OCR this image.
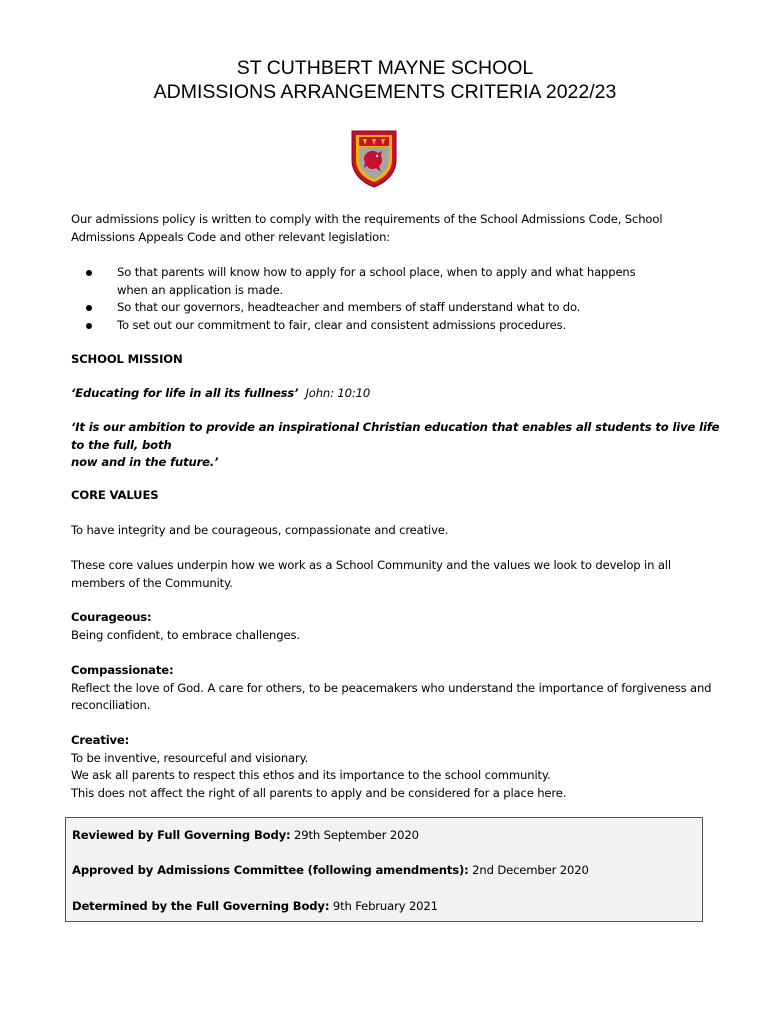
ST CUTHBERT MAYNE SCHOOL
ADMISSIONS ARRANGEMENTS CRITERIA 2022/23
Our admissions policy is written to comply with the requirements of the School Admissions Code, School
Admissions Appeals Code and other relevant legislation:
So that parents will know how to apply for a school place, when to apply and what happens
when an application is made.
So that our governors, headteacher and members of staff understand what to do.
To set out our commitment to fair, clear and consistent admissions procedures.
SCHOOL MISSION
‘Educating for life in all its fullness’ John: 10:10
‘It is our ambition to provide an inspirational Christian education that enables all students to live life to the full, both
now and in the future.’
CORE VALUES
To have integrity and be courageous, compassionate and creative.
These core values underpin how we work as a School Community and the values we look to develop in all
members of the Community.
Courageous:
Being confident, to embrace challenges.
Compassionate:
Reflect the love of God. A care for others, to be peacemakers who understand the importance of forgiveness and
reconciliation.
Creative:
To be inventive, resourceful and visionary.
We ask all parents to respect this ethos and its importance to the school community.
This does not affect the right of all parents to apply and be considered for a place here.

Reviewed by Full Governing Body: 29th September 2020

Approved by Admissions Committee (following amendments): 2nd December 2020

Determined by the Full Governing Body: 9th February 2021
